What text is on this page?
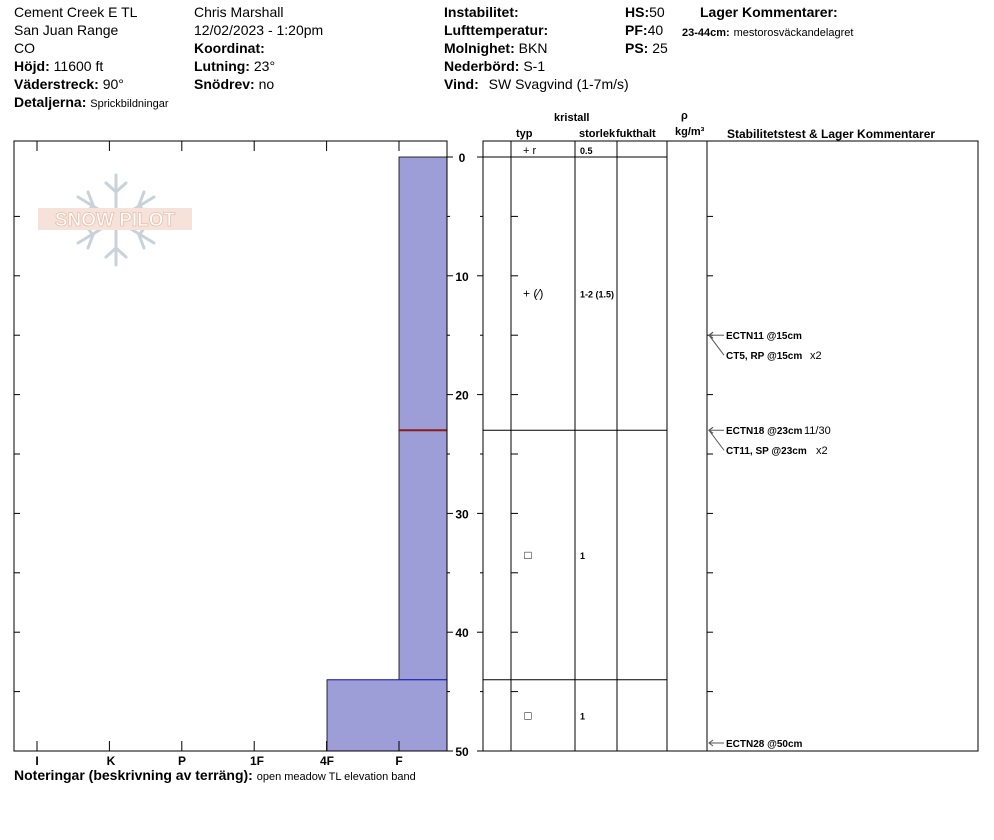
Cement Creek E TL
San Juan Range
CO
Höjd: 11600 ft
Väderstreck: 90°
Detaljerna: Sprickbildningar
Chris Marshall
12/02/2023 - 1:20pm
Koordinat:
Lutning: 23°
Snödrev: no
Instabilitet:
Lufttemperatur:
Molnighet: BKN
Nederbörd: S-1
Vind: SW Svagvind (1-7m/s)
HS:50
PF:40
PS: 25
Lager Kommentarer:
23-44cm: mestorosväckandelagret
kristall
typ	storlek fukthalt
ρ
kg/m³ Stabilitetstest & Lager Kommentarer
I	K	P	1F	4F	F
0
10
20
30
40
50
SNOW PILOT
+ r	0.5
+ (⁄)	1-2 (1.5)
□	1
□	1
ECTN11 @15cm
CT5, RP @15cm x2
ECTN18 @23cm 11/30
CT11, SP @23cm x2
ECTN28 @50cm
Noteringar (beskrivning av terräng): open meadow TL elevation band
